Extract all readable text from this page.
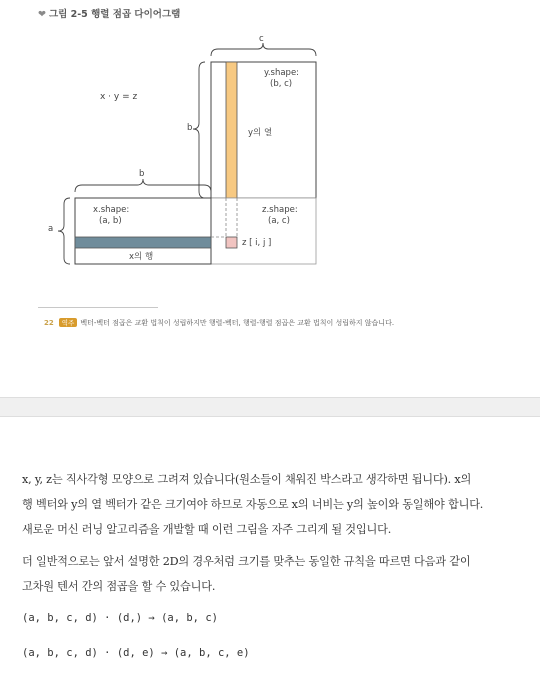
❤ 그림 2-5 행렬 점곱 다이어그램
c
x · y = z
b
y.shape:
(b, c)
y의 열
b
a
x.shape:
(a, b)
x의 행
z.shape:
(a, c)
z [ i, j ]
22 역주 벡터-벡터 점곱은 교환 법칙이 성립하지만 행렬-벡터, 행렬-행렬 점곱은 교환 법칙이 성립하지 않습니다.
x, y, z는 직사각형 모양으로 그려져 있습니다(원소들이 채워진 박스라고 생각하면 됩니다). x의
행 벡터와 y의 열 벡터가 같은 크기여야 하므로 자동으로 x의 너비는 y의 높이와 동일해야 합니다.
새로운 머신 러닝 알고리즘을 개발할 때 이런 그림을 자주 그리게 될 것입니다.
더 일반적으로는 앞서 설명한 2D의 경우처럼 크기를 맞추는 동일한 규칙을 따르면 다음과 같이
고차원 텐서 간의 점곱을 할 수 있습니다.
(a, b, c, d) · (d,) → (a, b, c)
(a, b, c, d) · (d, e) → (a, b, c, e)
